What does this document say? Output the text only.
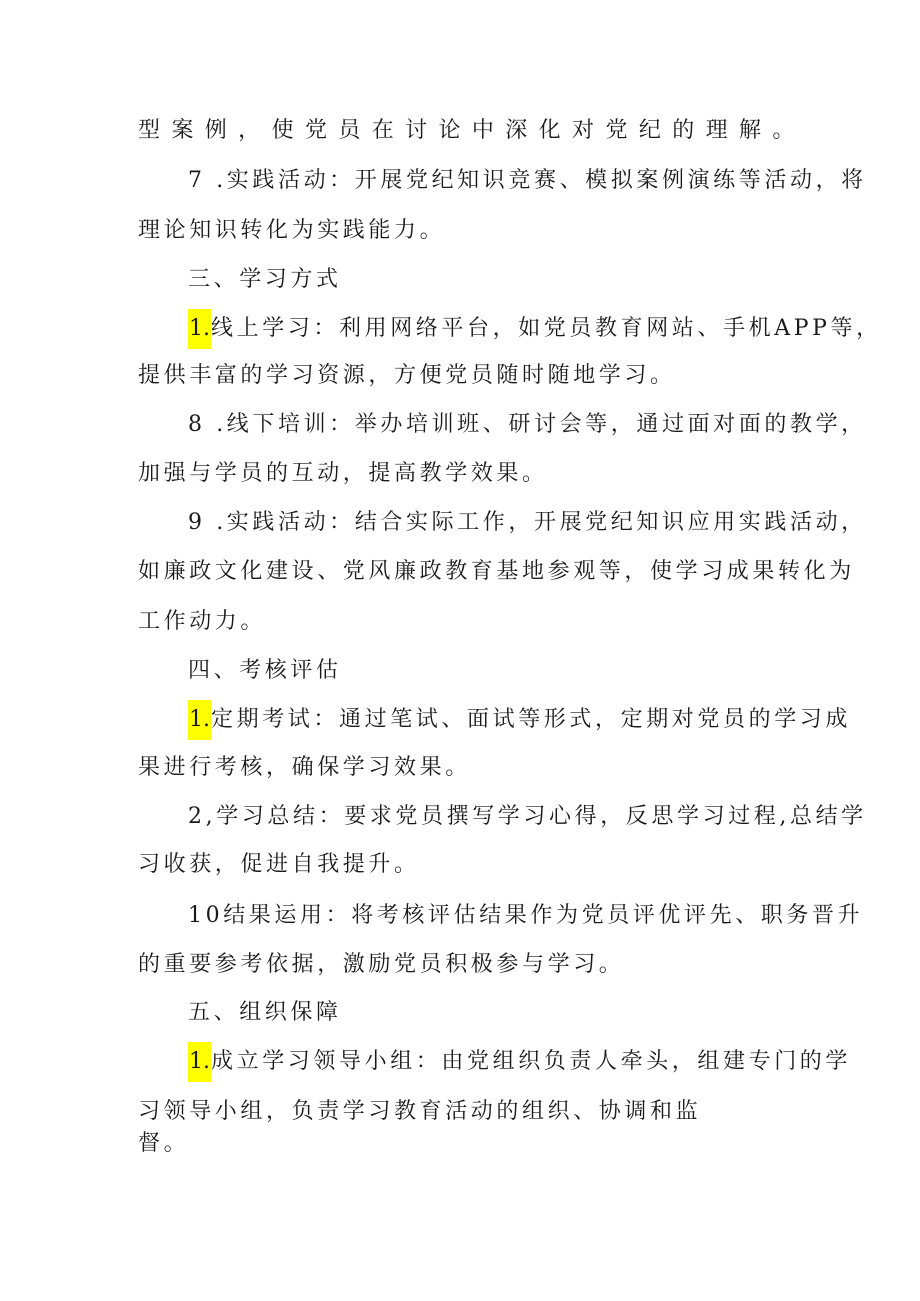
型案例，使党员在讨论中深化对党纪的理解。
7 .实践活动：开展党纪知识竞赛、模拟案例演练等活动，将
理论知识转化为实践能力。
三、学习方式
1.线上学习：利用网络平台，如党员教育网站、手机APP等，
提供丰富的学习资源，方便党员随时随地学习。
8 .线下培训：举办培训班、研讨会等，通过面对面的教学，
加强与学员的互动，提高教学效果。
9 .实践活动：结合实际工作，开展党纪知识应用实践活动，
如廉政文化建设、党风廉政教育基地参观等，使学习成果转化为
工作动力。
四、考核评估
1.定期考试：通过笔试、面试等形式，定期对党员的学习成
果进行考核，确保学习效果。
2,学习总结：要求党员撰写学习心得，反思学习过程,总结学
习收获，促进自我提升。
10结果运用：将考核评估结果作为党员评优评先、职务晋升
的重要参考依据，激励党员积极参与学习。
五、组织保障
1.成立学习领导小组：由党组织负责人牵头，组建专门的学
习领导小组，负责学习教育活动的组织、协调和监
督。
